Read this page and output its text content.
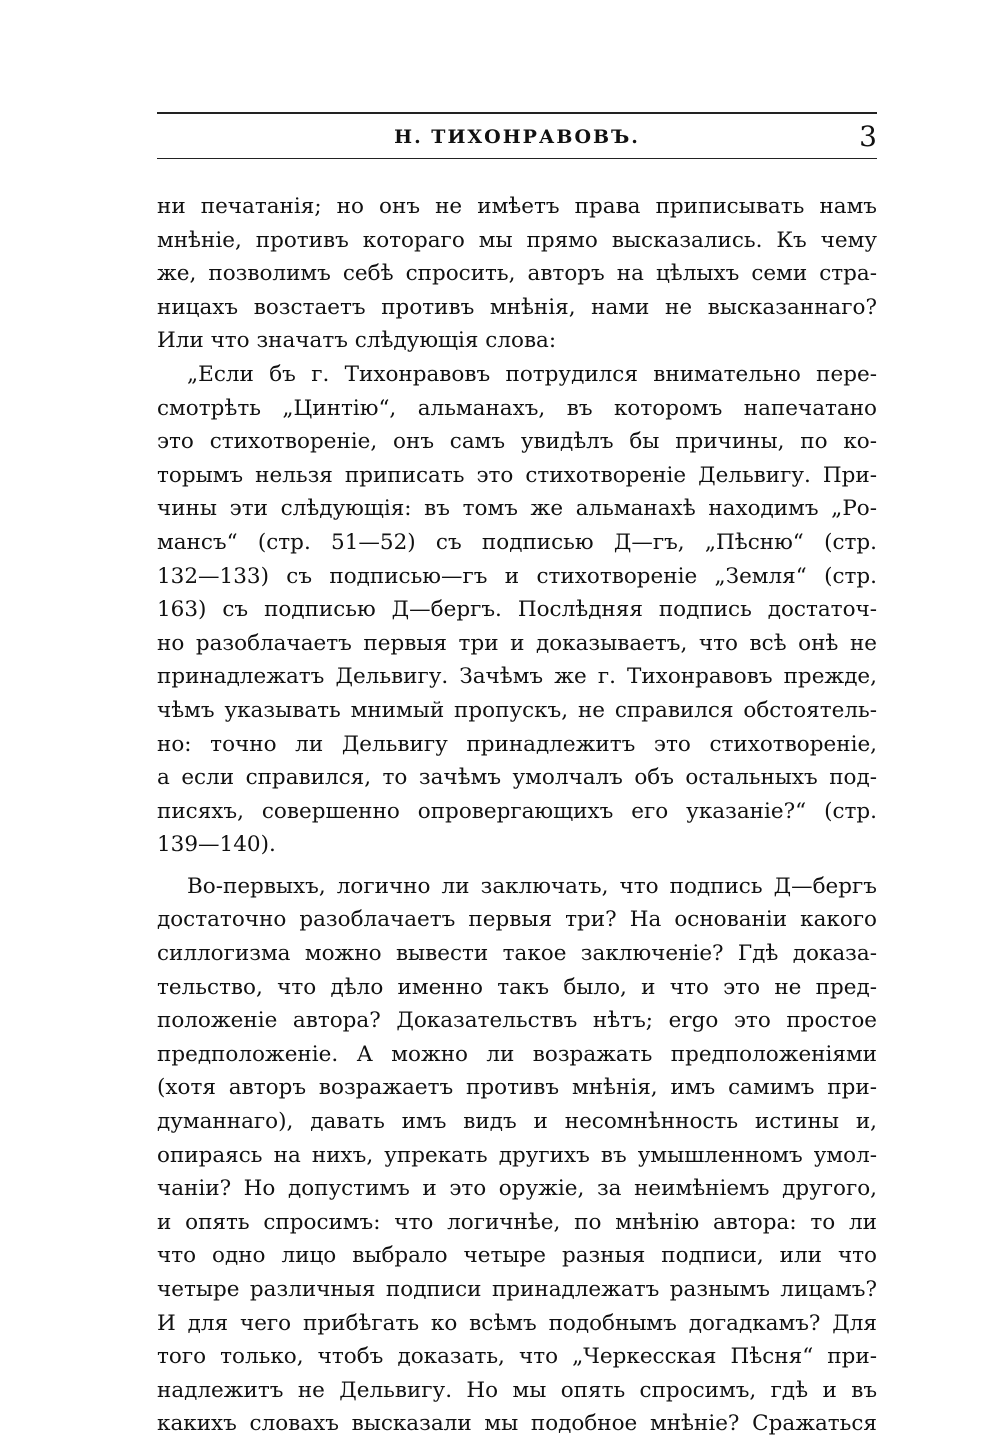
Н. ТИХОНРАВОВЪ.	3
ни печатанія; но онъ не имѣетъ права приписывать намъ
мнѣніе, противъ котораго мы прямо высказались. Къ чему
же, позволимъ себѣ спросить, авторъ на цѣлыхъ семи стра-
ницахъ возстаетъ противъ мнѣнія, нами не высказаннаго?
Или что значатъ слѣдующія слова:
„Если бъ г. Тихонравовъ потрудился внимательно пере-
смотрѣть „Цинтію“, альманахъ, въ которомъ напечатано
это стихотвореніе, онъ самъ увидѣлъ бы причины, по ко-
торымъ нельзя приписать это стихотвореніе Дельвигу. При-
чины эти слѣдующія: въ томъ же альманахѣ находимъ „Ро-
мансъ“ (стр. 51—52) съ подписью Д—гъ, „Пѣсню“ (стр.
132—133) съ подписью—гъ и стихотвореніе „Земля“ (стр.
163) съ подписью Д—бергъ. Послѣдняя подпись достаточ-
но разоблачаетъ первыя три и доказываетъ, что всѣ онѣ не
принадлежатъ Дельвигу. Зачѣмъ же г. Тихонравовъ прежде,
чѣмъ указывать мнимый пропускъ, не справился обстоятель-
но: точно ли Дельвигу принадлежитъ это стихотвореніе,
а если справился, то зачѣмъ умолчалъ объ остальныхъ под-
писяхъ, совершенно опровергающихъ его указаніе?“ (стр.
139—140).
Во-первыхъ, логично ли заключать, что подпись Д—бергъ
достаточно разоблачаетъ первыя три? На основаніи какого
силлогизма можно вывести такое заключеніе? Гдѣ доказа-
тельство, что дѣло именно такъ было, и что это не пред-
положеніе автора? Доказательствъ нѣтъ; ergo это простое
предположеніе. А можно ли возражать предположеніями
(хотя авторъ возражаетъ противъ мнѣнія, имъ самимъ при-
думаннаго), давать имъ видъ и несомнѣнность истины и,
опираясь на нихъ, упрекать другихъ въ умышленномъ умол-
чаніи? Но допустимъ и это оружіе, за неимѣніемъ другого,
и опять спросимъ: что логичнѣе, по мнѣнію автора: то ли
что одно лицо выбрало четыре разныя подписи, или что
четыре различныя подписи принадлежатъ разнымъ лицамъ?
И для чего прибѣгать ко всѣмъ подобнымъ догадкамъ? Для
того только, чтобъ доказать, что „Черкесская Пѣсня“ при-
надлежитъ не Дельвигу. Но мы опять спросимъ, гдѣ и въ
какихъ словахъ высказали мы подобное мнѣніе? Сражаться
